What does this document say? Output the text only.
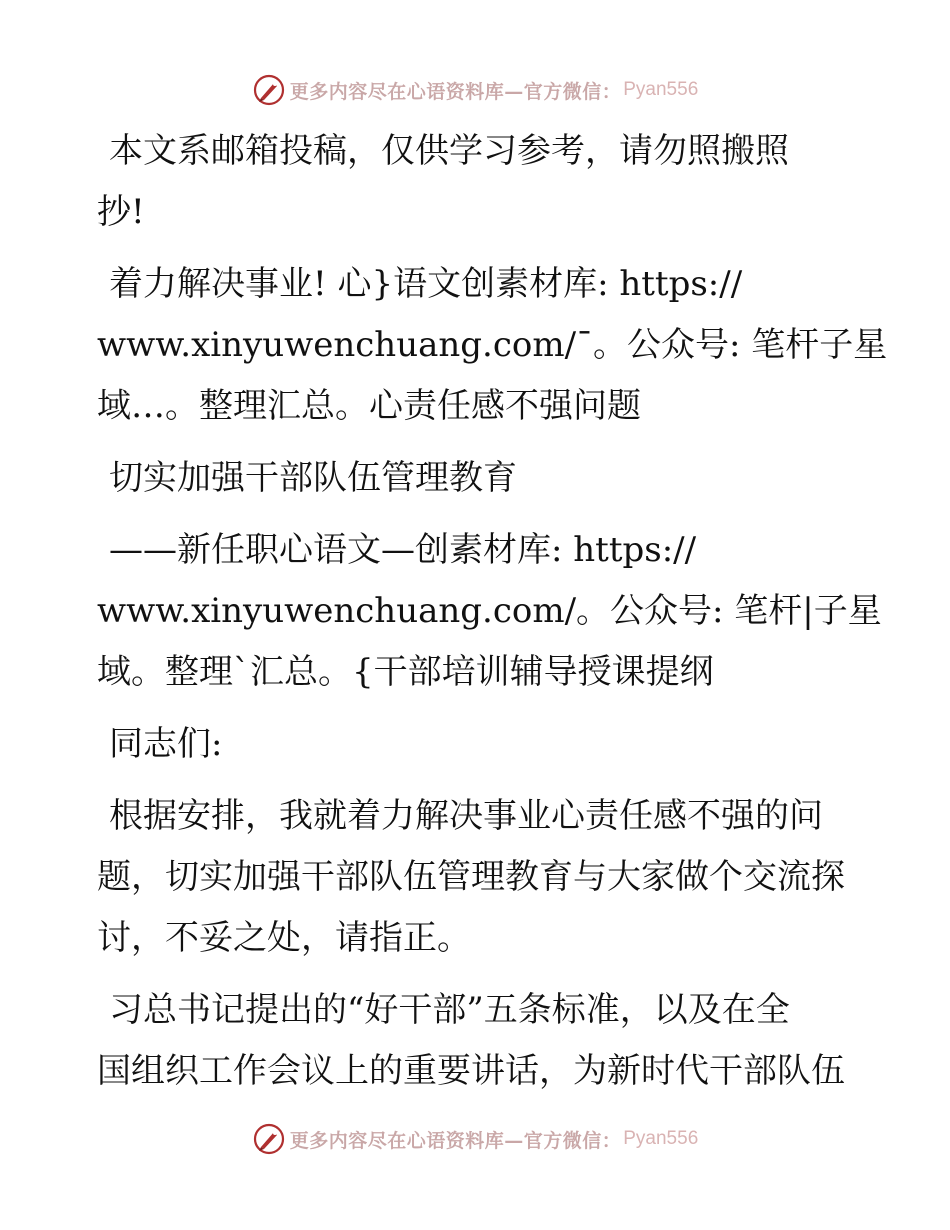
更多内容尽在心语资料库—官方微信： Pyan556
本文系邮箱投稿，仅供学习参考，请勿照搬照
抄!
着力解决事业! 心}语文创素材库: https://
www.xinyuwenchuang.com/¯。公众号: 笔杆子星
域…。整理汇总。心责任感不强问题
切实加强干部队伍管理教育
——新任职心语文—创素材库: https://
www.xinyuwenchuang.com/。公众号: 笔杆|子星
域。整理`汇总。{干部培训辅导授课提纲
同志们:
根据安排，我就着力解决事业心责任感不强的问
题，切实加强干部队伍管理教育与大家做个交流探
讨，不妥之处，请指正。
习总书记提出的“好干部”五条标准，以及在全
国组织工作会议上的重要讲话，为新时代干部队伍
更多内容尽在心语资料库—官方微信： Pyan556
